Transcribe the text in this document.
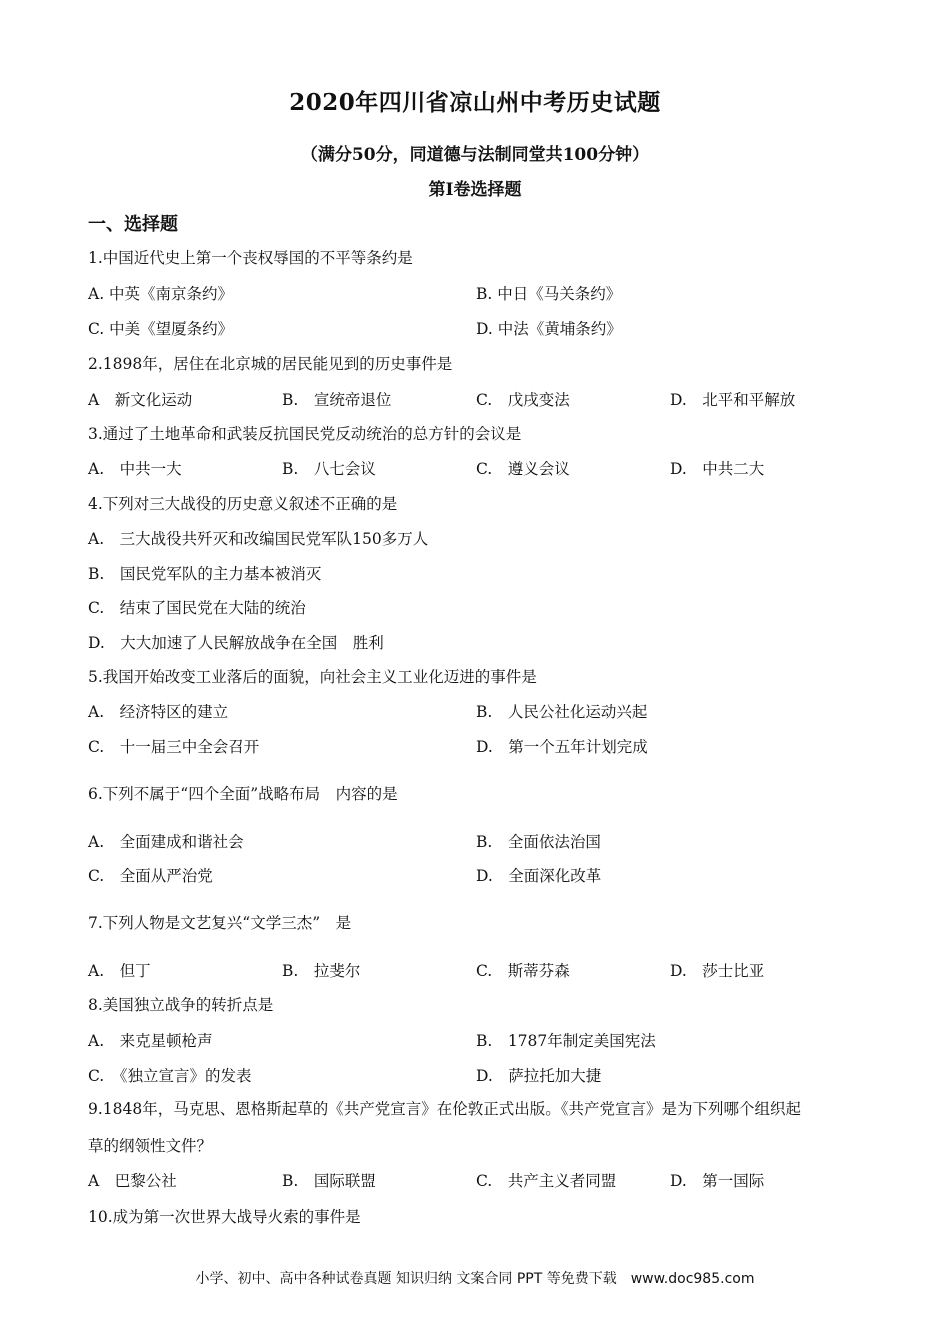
2020年四川省凉山州中考历史试题
（满分50分，同道德与法制同堂共100分钟）
第Ⅰ卷选择题
一、选择题
1.中国近代史上第一个丧权辱国的不平等条约是
A. 中英《南京条约》	B. 中日《马关条约》
C. 中美《望厦条约》	D. 中法《黄埔条约》
2.1898年，居住在北京城的居民能见到的历史事件是
A　新文化运动	B.　宣统帝退位	C.　戊戌变法	D.　北平和平解放
3.通过了土地革命和武装反抗国民党反动统治的总方针的会议是
A.　中共一大	B.　八七会议	C.　遵义会议	D.　中共二大
4.下列对三大战役的历史意义叙述不正确的是
A.　三大战役共歼灭和改编国民党军队150多万人
B.　国民党军队的主力基本被消灭
C.　结束了国民党在大陆的统治
D.　大大加速了人民解放战争在全国　胜利
5.我国开始改变工业落后的面貌，向社会主义工业化迈进的事件是
A.　经济特区的建立	B.　人民公社化运动兴起
C.　十一届三中全会召开	D.　第一个五年计划完成
6.下列不属于“四个全面”战略布局　内容的是
A.　全面建成和谐社会	B.　全面依法治国
C.　全面从严治党	D.　全面深化改革
7.下列人物是文艺复兴“文学三杰”　是
A.　但丁	B.　拉斐尔	C.　斯蒂芬森	D.　莎士比亚
8.美国独立战争的转折点是
A.　来克星顿枪声	B.　1787年制定美国宪法
C.　《独立宣言》的发表	D.　萨拉托加大捷
9.1848年，马克思、恩格斯起草的《共产党宣言》在伦敦正式出版。《共产党宣言》是为下列哪个组织起
草的纲领性文件？
A　巴黎公社	B.　国际联盟	C.　共产主义者同盟	D.　第一国际
10.成为第一次世界大战导火索的事件是
小学、初中、高中各种试卷真题 知识归纳 文案合同 PPT 等免费下载　www.doc985.com
